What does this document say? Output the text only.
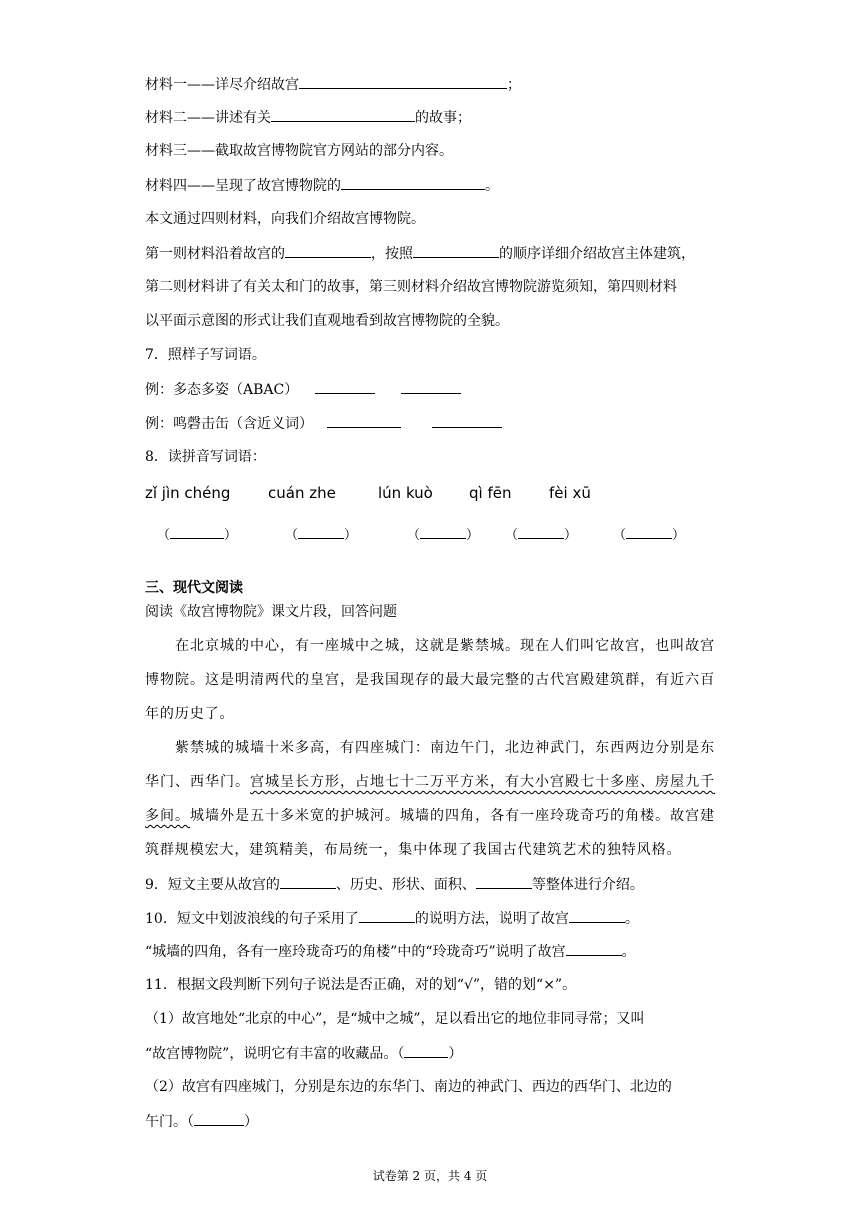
材料一——详尽介绍故宫	；
材料二——讲述有关	的故事；
材料三——截取故宫博物院官方网站的部分内容。
材料四——呈现了故宫博物院的	。
本文通过四则材料，向我们介绍故宫博物院。
第一则材料沿着故宫的	，按照	的顺序详细介绍故宫主体建筑，
第二则材料讲了有关太和门的故事，第三则材料介绍故宫博物院游览须知，第四则材料
以平面示意图的形式让我们直观地看到故宫博物院的全貌。
7．照样子写词语。
例：多态多姿（ABAC）
例：鸣磬击缶（含近义词）
8．读拼音写词语：
zǐ jìn chéng	cuán zhe	lún kuò qì fēn	fèi xū
（	）	（	）	（	） （	）	（	）
三、现代文阅读
阅读《故宫博物院》课文片段，回答问题
在北京城的中心，有一座城中之城，这就是紫禁城。现在人们叫它故宫，也叫故宫博物院。这是明清两代的皇宫，是我国现存的最大最完整的古代宫殿建筑群，有近六百年的历史了。
紫禁城的城墙十米多高，有四座城门：南边午门，北边神武门，东西两边分别是东华门、西华门。宫城呈长方形，占地七十二万平方米，有大小宫殿七十多座、房屋九千多间。城墙外是五十多米宽的护城河。城墙的四角，各有一座玲珑奇巧的角楼。故宫建筑群规模宏大，建筑精美，布局统一，集中体现了我国古代建筑艺术的独特风格。
9．短文主要从故宫的	、历史、形状、面积、	等整体进行介绍。
10．短文中划波浪线的句子采用了	的说明方法，说明了故宫	。
“城墙的四角，各有一座玲珑奇巧的角楼”中的“玲珑奇巧”说明了故宫	。
11．根据文段判断下列句子说法是否正确，对的划“√”，错的划“×”。
（1）故宫地处“北京的中心”，是“城中之城”，足以看出它的地位非同寻常；又叫
“故宫博物院”，说明它有丰富的收藏品。（	）
（2）故宫有四座城门，分别是东边的东华门、南边的神武门、西边的西华门、北边的
午门。（	）
试卷第 2 页，共 4 页
